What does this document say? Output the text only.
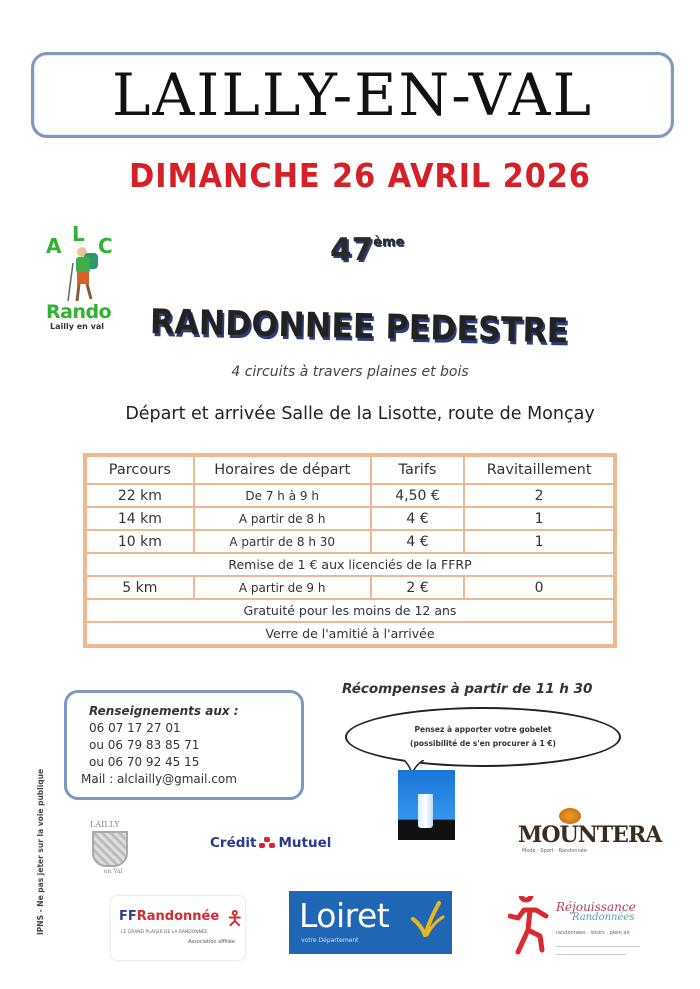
LAILLY-EN-VAL
DIMANCHE 26 AVRIL 2026
A L C
Rando
Lailly en val
47ème
RANDONNEE PEDESTRE
4 circuits à travers plaines et bois
Départ et arrivée Salle de la Lisotte, route de Monçay
Parcours	Horaires de départ	Tarifs	Ravitaillement
22 km	De 7 h à 9 h	4,50 €	2
14 km	A partir de 8 h	4 €	1
10 km	A partir de 8 h 30	4 €	1
Remise de 1 € aux licenciés de la FFRP			
5 km	A partir de 9 h	2 €	0
Gratuité pour les moins de 12 ans			
Verre de l'amitié à l'arrivée			
Récompenses à partir de 11 h 30
Renseignements aux :
06 07 17 27 01
ou 06 79 83 85 71
ou 06 70 92 45 15
Mail : alclailly@gmail.com
Pensez à apporter votre gobelet
(possibilité de s'en procurer à 1 €)
IPNS - Ne pas jeter sur la voie publique	LAILLY
en Val
Crédit Mutuel	MOUNTERA
Mode · Sport · Randonnée
FFRandonnée 🯅
LE GRAND PLAISIR DE LA RANDONNÉE
Association affiliée
Loiret
votre Département
Réjouissance
Randonnées
randonnées · loisirs · plein air
